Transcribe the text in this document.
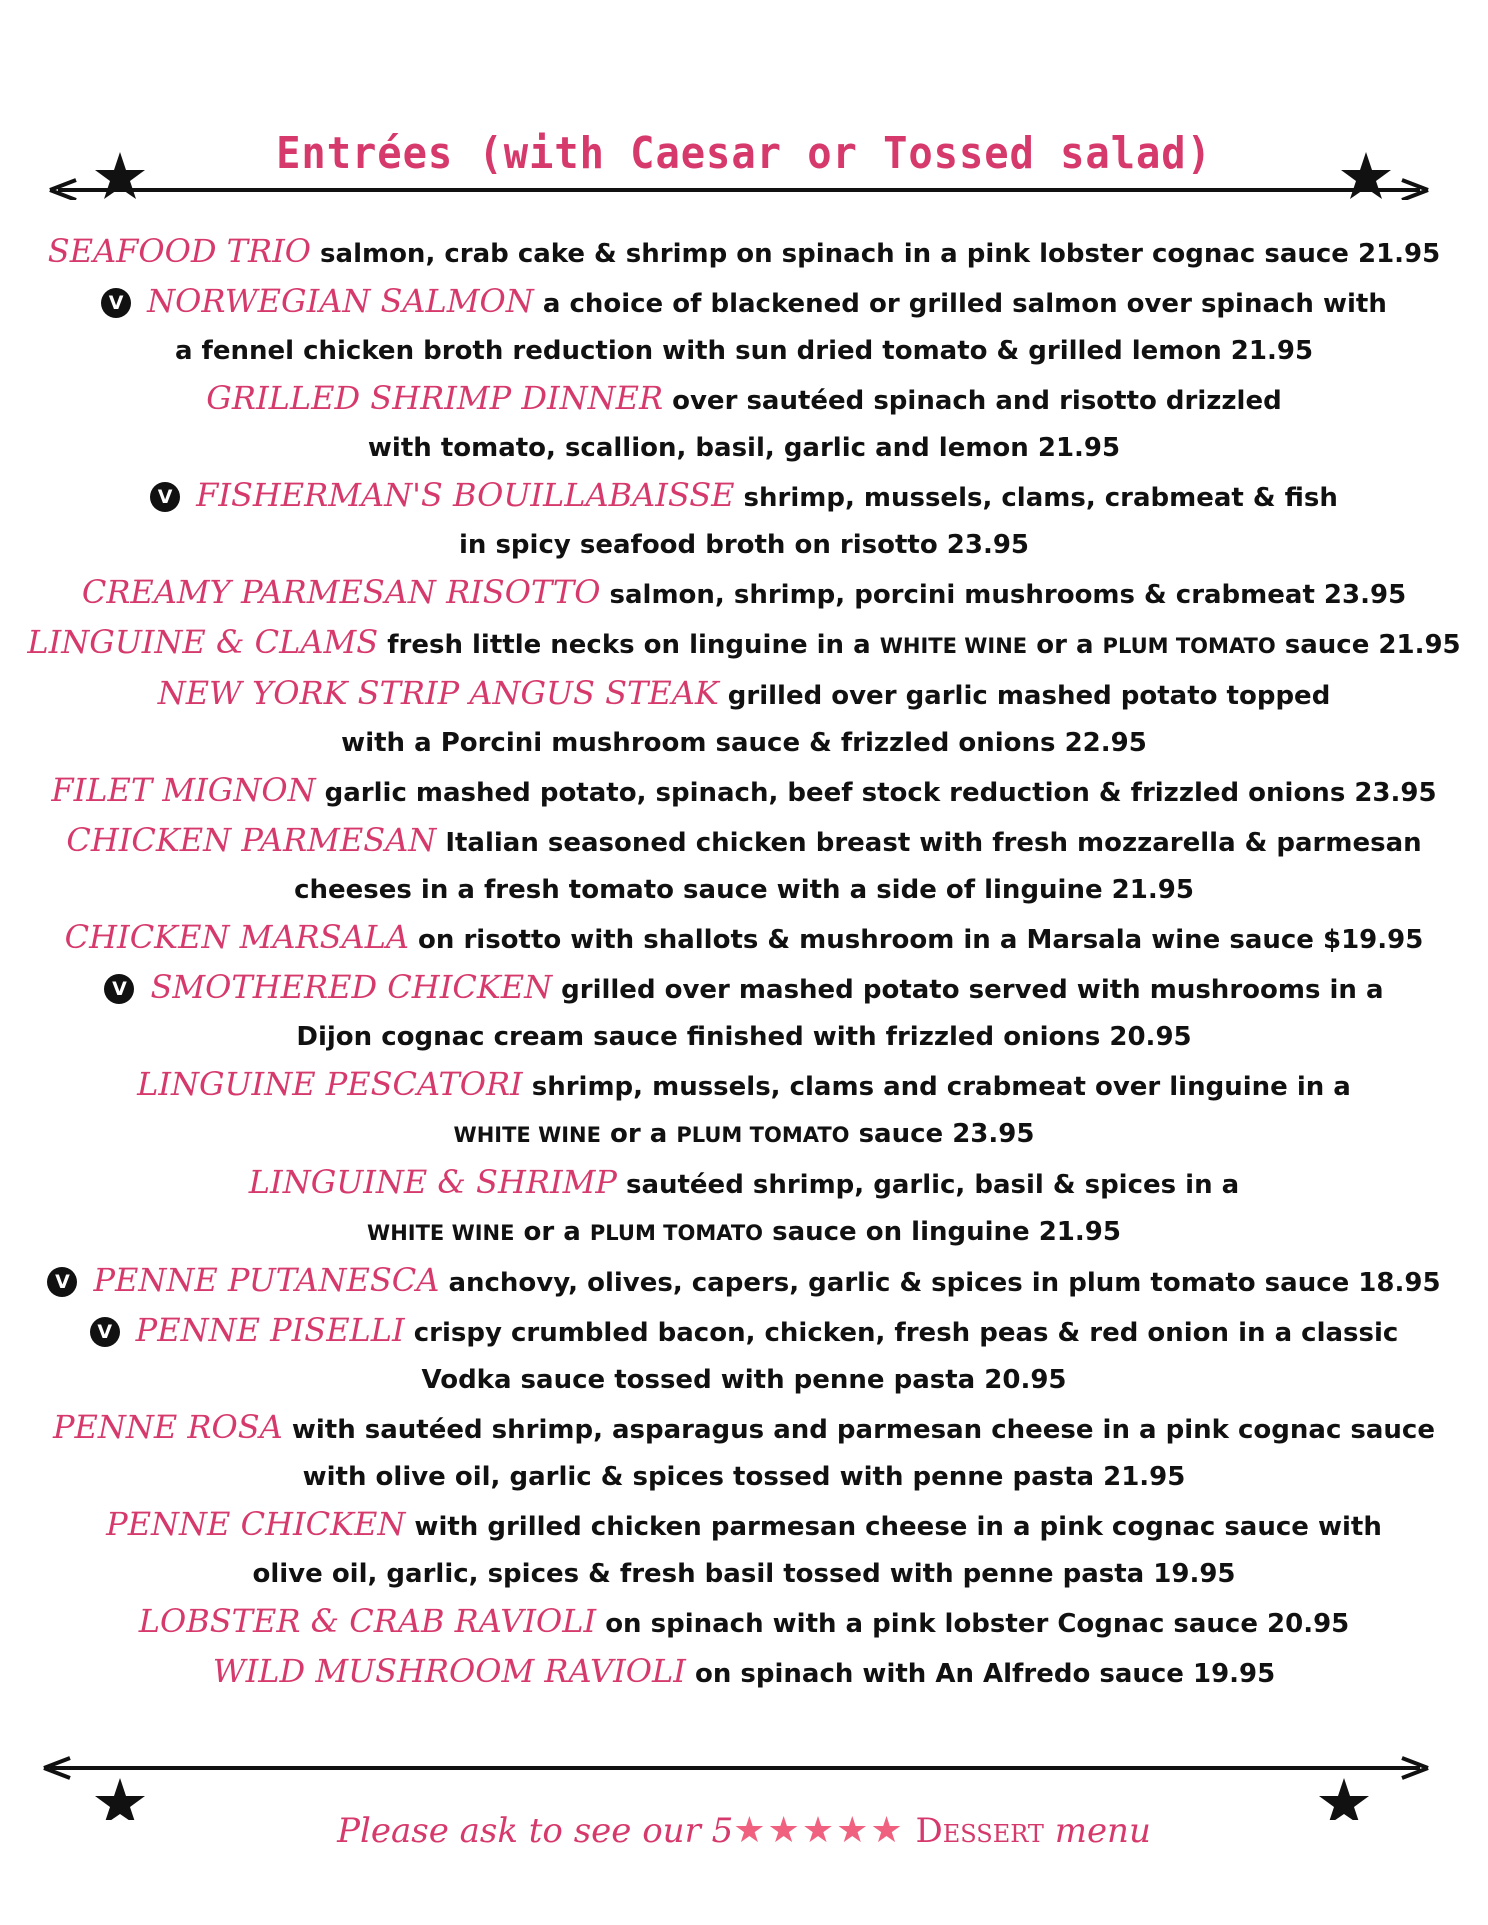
Entrées (with Caesar or Tossed salad)
SEAFOOD TRIO salmon, crab cake & shrimp on spinach in a pink lobster cognac sauce 21.95
V NORWEGIAN SALMON a choice of blackened or grilled salmon over spinach with
a fennel chicken broth reduction with sun dried tomato & grilled lemon 21.95
GRILLED SHRIMP DINNER over sautéed spinach and risotto drizzled
with tomato, scallion, basil, garlic and lemon 21.95
V FISHERMAN'S BOUILLABAISSE shrimp, mussels, clams, crabmeat & fish
in spicy seafood broth on risotto 23.95
CREAMY PARMESAN RISOTTO salmon, shrimp, porcini mushrooms & crabmeat 23.95
LINGUINE & CLAMS fresh little necks on linguine in a WHITE WINE or a PLUM TOMATO sauce 21.95
NEW YORK STRIP ANGUS STEAK grilled over garlic mashed potato topped
with a Porcini mushroom sauce & frizzled onions 22.95
FILET MIGNON garlic mashed potato, spinach, beef stock reduction & frizzled onions 23.95
CHICKEN PARMESAN Italian seasoned chicken breast with fresh mozzarella & parmesan
cheeses in a fresh tomato sauce with a side of linguine 21.95
CHICKEN MARSALA on risotto with shallots & mushroom in a Marsala wine sauce $19.95
V SMOTHERED CHICKEN grilled over mashed potato served with mushrooms in a
Dijon cognac cream sauce finished with frizzled onions 20.95
LINGUINE PESCATORI shrimp, mussels, clams and crabmeat over linguine in a
WHITE WINE or a PLUM TOMATO sauce 23.95
LINGUINE & SHRIMP sautéed shrimp, garlic, basil & spices in a
WHITE WINE or a PLUM TOMATO sauce on linguine 21.95
V PENNE PUTANESCA anchovy, olives, capers, garlic & spices in plum tomato sauce 18.95
V PENNE PISELLI crispy crumbled bacon, chicken, fresh peas & red onion in a classic
Vodka sauce tossed with penne pasta 20.95
PENNE ROSA with sautéed shrimp, asparagus and parmesan cheese in a pink cognac sauce
with olive oil, garlic & spices tossed with penne pasta 21.95
PENNE CHICKEN with grilled chicken parmesan cheese in a pink cognac sauce with
olive oil, garlic, spices & fresh basil tossed with penne pasta 19.95
LOBSTER & CRAB RAVIOLI on spinach with a pink lobster Cognac sauce 20.95
WILD MUSHROOM RAVIOLI on spinach with An Alfredo sauce 19.95
Please ask to see our 5★★★★★ Dessert menu
